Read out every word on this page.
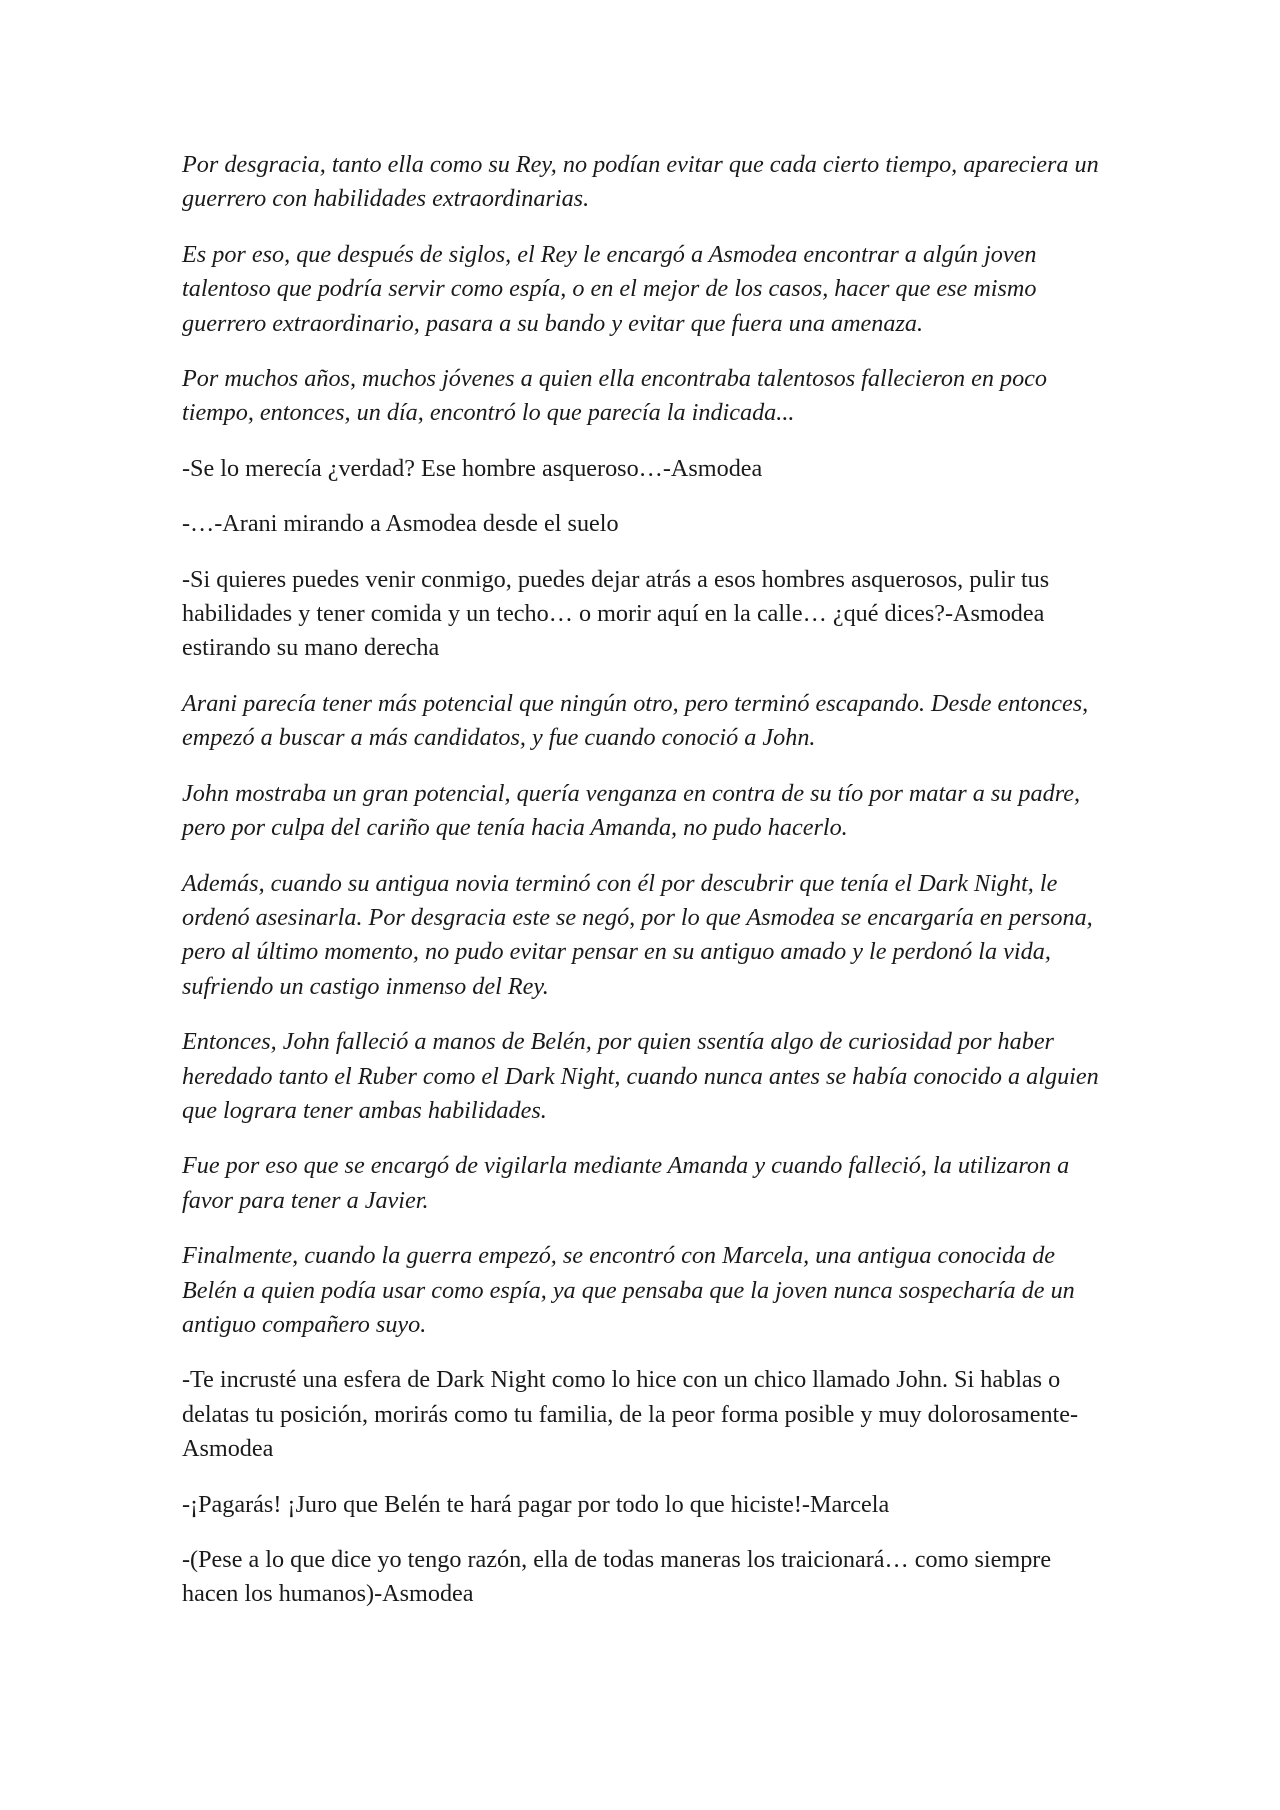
Por desgracia, tanto ella como su Rey, no podían evitar que cada cierto tiempo, apareciera un guerrero con habilidades extraordinarias.

Es por eso, que después de siglos, el Rey le encargó a Asmodea encontrar a algún joven talentoso que podría servir como espía, o en el mejor de los casos, hacer que ese mismo guerrero extraordinario, pasara a su bando y evitar que fuera una amenaza.

Por muchos años, muchos jóvenes a quien ella encontraba talentosos fallecieron en poco tiempo, entonces, un día, encontró lo que parecía la indicada...

-Se lo merecía ¿verdad? Ese hombre asqueroso…-Asmodea

-…-Arani mirando a Asmodea desde el suelo

-Si quieres puedes venir conmigo, puedes dejar atrás a esos hombres asquerosos, pulir tus habilidades y tener comida y un techo… o morir aquí en la calle… ¿qué dices?-Asmodea estirando su mano derecha

Arani parecía tener más potencial que ningún otro, pero terminó escapando. Desde entonces, empezó a buscar a más candidatos, y fue cuando conoció a John.

John mostraba un gran potencial, quería venganza en contra de su tío por matar a su padre, pero por culpa del cariño que tenía hacia Amanda, no pudo hacerlo.

Además, cuando su antigua novia terminó con él por descubrir que tenía el Dark Night, le ordenó asesinarla. Por desgracia este se negó, por lo que Asmodea se encargaría en persona, pero al último momento, no pudo evitar pensar en su antiguo amado y le perdonó la vida, sufriendo un castigo inmenso del Rey.

Entonces, John falleció a manos de Belén, por quien ssentía algo de curiosidad por haber heredado tanto el Ruber como el Dark Night, cuando nunca antes se había conocido a alguien que lograra tener ambas habilidades.

Fue por eso que se encargó de vigilarla mediante Amanda y cuando falleció, la utilizaron a favor para tener a Javier.

Finalmente, cuando la guerra empezó, se encontró con Marcela, una antigua conocida de Belén a quien podía usar como espía, ya que pensaba que la joven nunca sospecharía de un antiguo compañero suyo.

-Te incrusté una esfera de Dark Night como lo hice con un chico llamado John. Si hablas o delatas tu posición, morirás como tu familia, de la peor forma posible y muy dolorosamente-Asmodea

-¡Pagarás! ¡Juro que Belén te hará pagar por todo lo que hiciste!-Marcela

-(Pese a lo que dice yo tengo razón, ella de todas maneras los traicionará… como siempre hacen los humanos)-Asmodea
